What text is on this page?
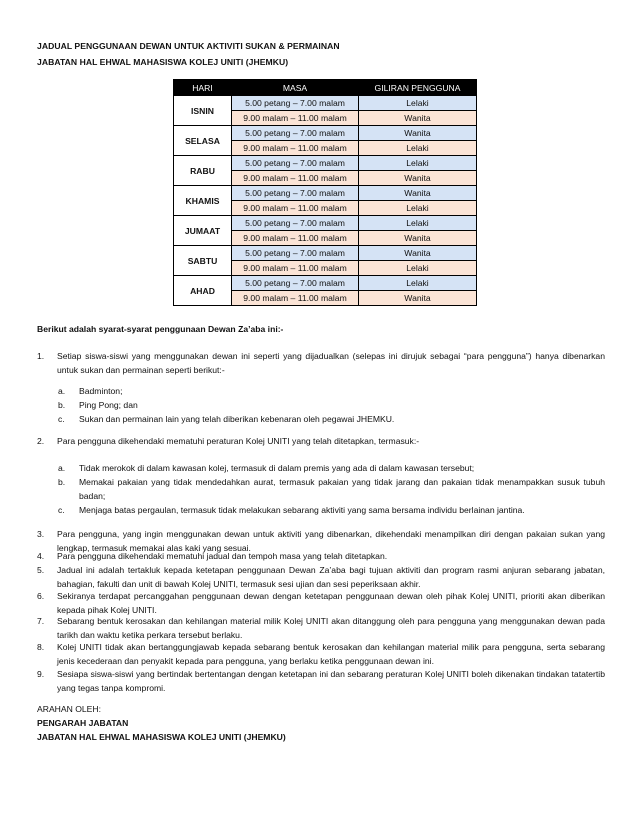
JADUAL PENGGUNAAN DEWAN UNTUK AKTIVITI SUKAN & PERMAINAN
JABATAN HAL EHWAL MAHASISWA KOLEJ UNITI (JHEMKU)
HARI	MASA	GILIRAN PENGGUNA
ISNIN	5.00 petang – 7.00 malam	Lelaki
	9.00 malam – 11.00 malam	Wanita
SELASA	5.00 petang – 7.00 malam	Wanita
	9.00 malam – 11.00 malam	Lelaki
RABU	5.00 petang – 7.00 malam	Lelaki
	9.00 malam – 11.00 malam	Wanita
KHAMIS	5.00 petang – 7.00 malam	Wanita
	9.00 malam – 11.00 malam	Lelaki
JUMAAT	5.00 petang – 7.00 malam	Lelaki
	9.00 malam – 11.00 malam	Wanita
SABTU	5.00 petang – 7.00 malam	Wanita
	9.00 malam – 11.00 malam	Lelaki
AHAD	5.00 petang – 7.00 malam	Lelaki
	9.00 malam – 11.00 malam	Wanita
Berikut adalah syarat-syarat penggunaan Dewan Za’aba ini:-
1. Setiap siswa-siswi yang menggunakan dewan ini seperti yang dijadualkan (selepas ini dirujuk sebagai “para pengguna”) hanya dibenarkan untuk sukan dan permainan seperti berikut:-
a. Badminton;
b. Ping Pong; dan
c. Sukan dan permainan lain yang telah diberikan kebenaran oleh pegawai JHEMKU.
2. Para pengguna dikehendaki mematuhi peraturan Kolej UNITI yang telah ditetapkan, termasuk:-
a. Tidak merokok di dalam kawasan kolej, termasuk di dalam premis yang ada di dalam kawasan tersebut;
b. Memakai pakaian yang tidak mendedahkan aurat, termasuk pakaian yang tidak jarang dan pakaian tidak menampakkan susuk tubuh badan;
c. Menjaga batas pergaulan, termasuk tidak melakukan sebarang aktiviti yang sama bersama individu berlainan jantina.
3. Para pengguna, yang ingin menggunakan dewan untuk aktiviti yang dibenarkan, dikehendaki menampilkan diri dengan pakaian sukan yang lengkap, termasuk memakai alas kaki yang sesuai.
4. Para pengguna dikehendaki mematuhi jadual dan tempoh masa yang telah ditetapkan.
5. Jadual ini adalah tertakluk kepada ketetapan penggunaan Dewan Za’aba bagi tujuan aktiviti dan program rasmi anjuran sebarang jabatan, bahagian, fakulti dan unit di bawah Kolej UNITI, termasuk sesi ujian dan sesi peperiksaan akhir.
6. Sekiranya terdapat percanggahan penggunaan dewan dengan ketetapan penggunaan dewan oleh pihak Kolej UNITI, prioriti akan diberikan kepada pihak Kolej UNITI.
7. Sebarang bentuk kerosakan dan kehilangan material milik Kolej UNITI akan ditanggung oleh para pengguna yang menggunakan dewan pada tarikh dan waktu ketika perkara tersebut berlaku.
8. Kolej UNITI tidak akan bertanggungjawab kepada sebarang bentuk kerosakan dan kehilangan material milik para pengguna, serta sebarang jenis kecederaan dan penyakit kepada para pengguna, yang berlaku ketika penggunaan dewan ini.
9. Sesiapa siswa-siswi yang bertindak bertentangan dengan ketetapan ini dan sebarang peraturan Kolej UNITI boleh dikenakan tindakan tatatertib yang tegas tanpa kompromi.
ARAHAN OLEH:
PENGARAH JABATAN
JABATAN HAL EHWAL MAHASISWA KOLEJ UNITI (JHEMKU)
